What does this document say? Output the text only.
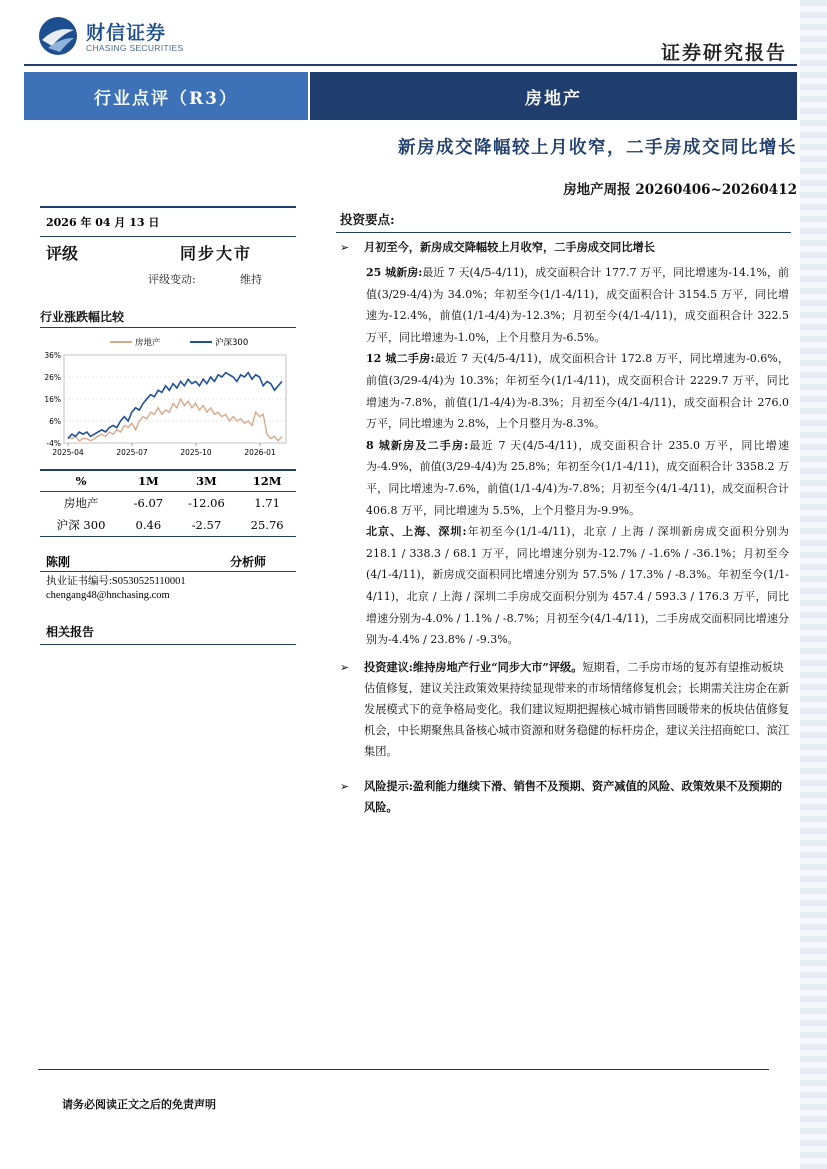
财信证券
CHASING SECURITIES	证券研究报告
行业点评（R3）	房地产
新房成交降幅较上月收窄，二手房成交同比增长
房地产周报 20260406~20260412
2026 年 04 月 13 日
评级	同步大市
评级变动:	维持
行业涨跌幅比较
房地产	沪深300
36%
26%
16%
6%
-4%
2025-04	2025-07	2025-10	2026-01
%	1M	3M	12M
房地产	-6.07	-12.06	1.71
沪深 300	0.46	-2.57	25.76
陈刚	分析师
执业证书编号:S0530525110001
chengang48@hnchasing.com
相关报告
投资要点:
➢ 月初至今，新房成交降幅较上月收窄，二手房成交同比增长
25 城新房:最近 7 天(4/5-4/11)，成交面积合计 177.7 万平，同比增速为-14.1%，前值(3/29-4/4)为 34.0%；年初至今(1/1-4/11)，成交面积合计 3154.5 万平，同比增速为-12.4%，前值(1/1-4/4)为-12.3%；月初至今(4/1-4/11)，成交面积合计 322.5 万平，同比增速为-1.0%，上个月整月为-6.5%。
12 城二手房:最近 7 天(4/5-4/11)，成交面积合计 172.8 万平，同比增速为-0.6%，前值(3/29-4/4)为 10.3%；年初至今(1/1-4/11)，成交面积合计 2229.7 万平，同比增速为-7.8%，前值(1/1-4/4)为-8.3%；月初至今(4/1-4/11)，成交面积合计 276.0 万平，同比增速为 2.8%，上个月整月为-8.3%。
8 城新房及二手房:最近 7 天(4/5-4/11)，成交面积合计 235.0 万平，同比增速为-4.9%，前值(3/29-4/4)为 25.8%；年初至今(1/1-4/11)，成交面积合计 3358.2 万平，同比增速为-7.6%，前值(1/1-4/4)为-7.8%；月初至今(4/1-4/11)，成交面积合计 406.8 万平，同比增速为 5.5%，上个月整月为-9.9%。
北京、上海、深圳:年初至今(1/1-4/11)，北京 / 上海 / 深圳新房成交面积分别为 218.1 / 338.3 / 68.1 万平，同比增速分别为-12.7% / -1.6% / -36.1%；月初至今(4/1-4/11)，新房成交面积同比增速分别为 57.5% / 17.3% / -8.3%。年初至今(1/1-4/11)，北京 / 上海 / 深圳二手房成交面积分别为 457.4 / 593.3 / 176.3 万平，同比增速分别为-4.0% / 1.1% / -8.7%；月初至今(4/1-4/11)，二手房成交面积同比增速分别为-4.4% / 23.8% / -9.3%。
➢ 投资建议:维持房地产行业“同步大市”评级。短期看，二手房市场的复苏有望推动板块估值修复，建议关注政策效果持续显现带来的市场情绪修复机会；长期需关注房企在新发展模式下的竞争格局变化。我们建议短期把握核心城市销售回暖带来的板块估值修复机会，中长期聚焦具备核心城市资源和财务稳健的标杆房企，建议关注招商蛇口、滨江集团。
➢ 风险提示:盈利能力继续下滑、销售不及预期、资产减值的风险、政策效果不及预期的风险。
请务必阅读正文之后的免责声明
